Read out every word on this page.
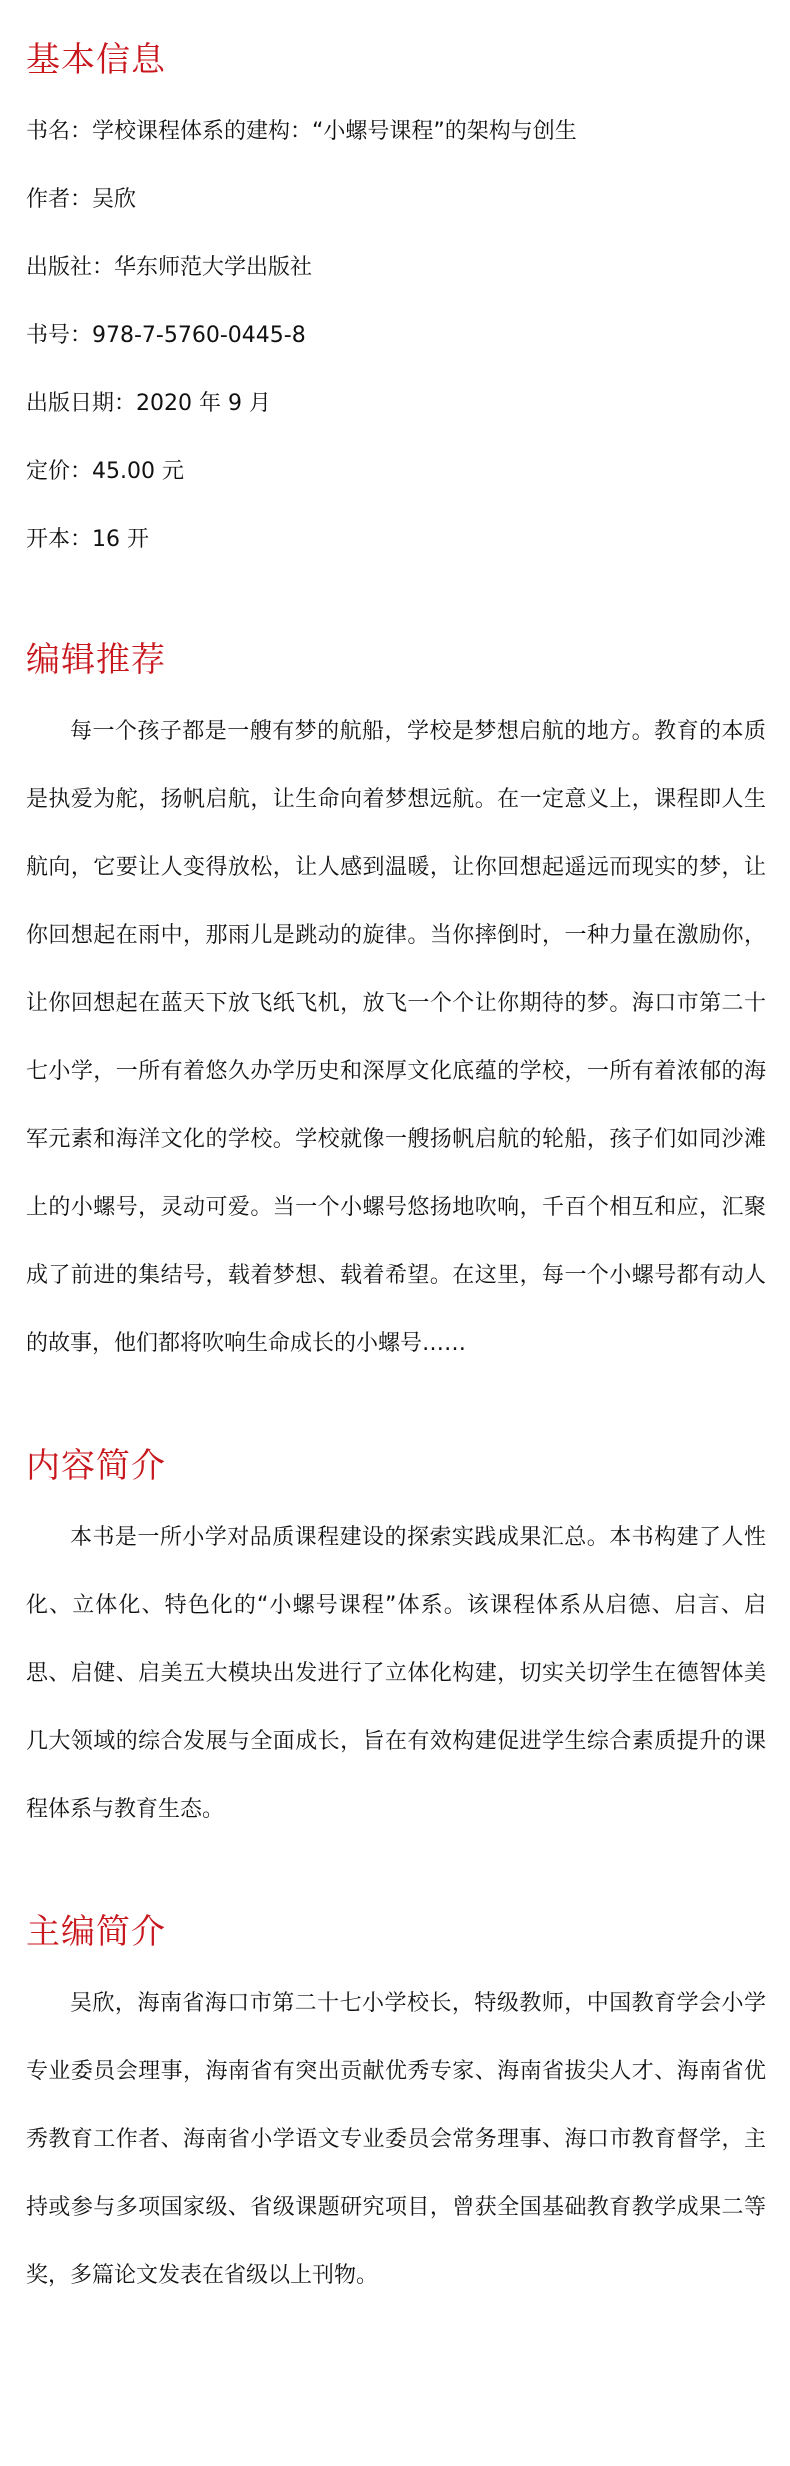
基本信息
书名：学校课程体系的建构：“小螺号课程”的架构与创生
作者：吴欣
出版社：华东师范大学出版社
书号：978-7-5760-0445-8
出版日期：2020 年 9 月
定价：45.00 元
开本：16 开
编辑推荐

每一个孩子都是一艘有梦的航船，学校是梦想启航的地方。教育的本质是执爱为舵，扬帆启航，让生命向着梦想远航。在一定意义上，课程即人生航向，它要让人变得放松，让人感到温暖，让你回想起遥远而现实的梦，让你回想起在雨中，那雨儿是跳动的旋律。当你摔倒时，一种力量在激励你，让你回想起在蓝天下放飞纸飞机，放飞一个个让你期待的梦。海口市第二十七小学，一所有着悠久办学历史和深厚文化底蕴的学校，一所有着浓郁的海军元素和海洋文化的学校。学校就像一艘扬帆启航的轮船，孩子们如同沙滩上的小螺号，灵动可爱。当一个小螺号悠扬地吹响，千百个相互和应，汇聚成了前进的集结号，载着梦想、载着希望。在这里，每一个小螺号都有动人的故事，他们都将吹响生命成长的小螺号……

内容简介

本书是一所小学对品质课程建设的探索实践成果汇总。本书构建了人性化、立体化、特色化的“小螺号课程”体系。该课程体系从启德、启言、启思、启健、启美五大模块出发进行了立体化构建，切实关切学生在德智体美几大领域的综合发展与全面成长，旨在有效构建促进学生综合素质提升的课程体系与教育生态。

主编简介

吴欣，海南省海口市第二十七小学校长，特级教师，中国教育学会小学专业委员会理事，海南省有突出贡献优秀专家、海南省拔尖人才、海南省优秀教育工作者、海南省小学语文专业委员会常务理事、海口市教育督学，主持或参与多项国家级、省级课题研究项目，曾获全国基础教育教学成果二等奖，多篇论文发表在省级以上刊物。
